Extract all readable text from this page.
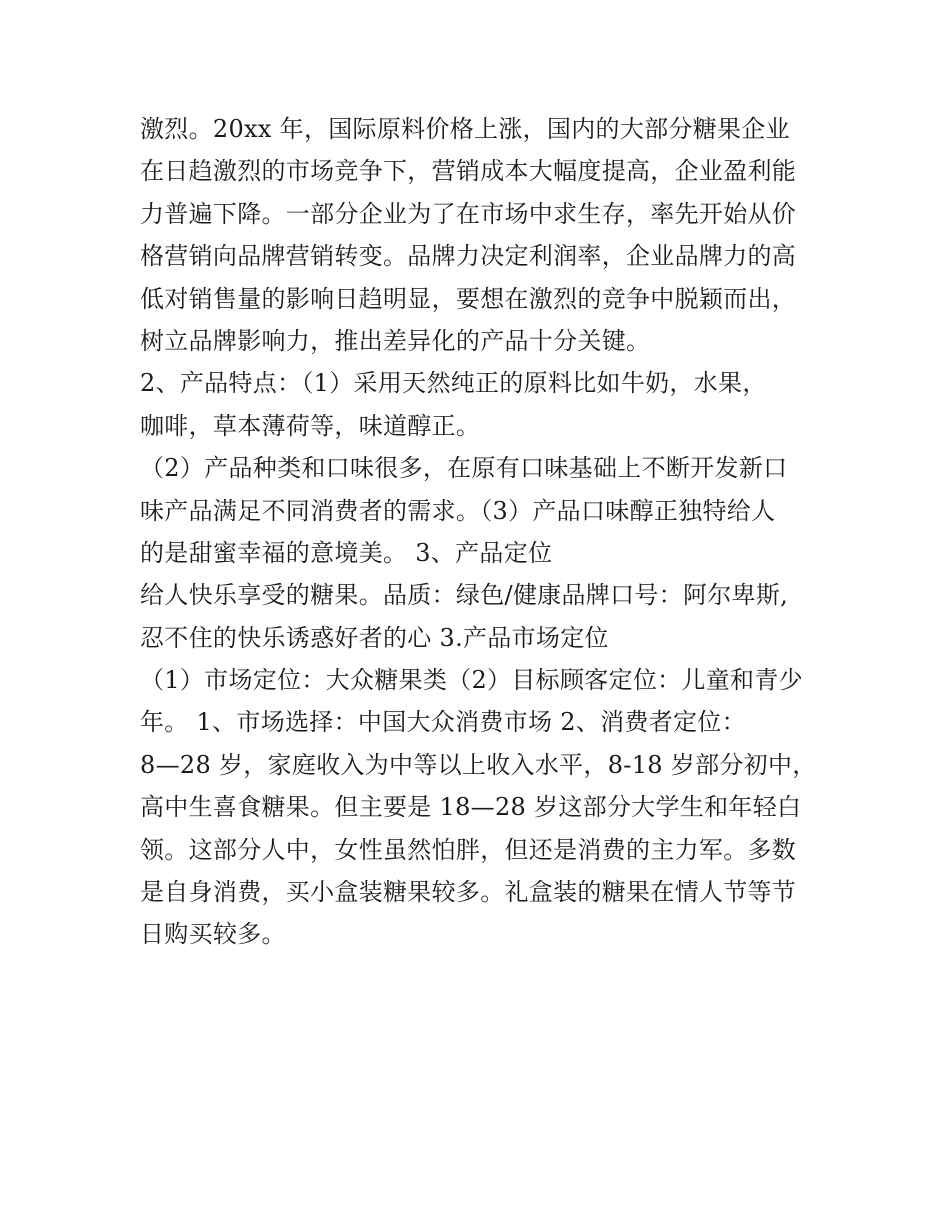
激烈。20xx 年，国际原料价格上涨，国内的大部分糖果企业
在日趋激烈的市场竞争下，营销成本大幅度提高，企业盈利能
力普遍下降。一部分企业为了在市场中求生存，率先开始从价
格营销向品牌营销转变。品牌力决定利润率，企业品牌力的高
低对销售量的影响日趋明显，要想在激烈的竞争中脱颖而出，
树立品牌影响力，推出差异化的产品十分关键。
2、产品特点：（1）采用天然纯正的原料比如牛奶，水果，
咖啡，草本薄荷等，味道醇正。
（2）产品种类和口味很多，在原有口味基础上不断开发新口
味产品满足不同消费者的需求。（3）产品口味醇正独特给人
的是甜蜜幸福的意境美。 3、产品定位
给人快乐享受的糖果。品质：绿色/健康品牌口号：阿尔卑斯,
忍不住的快乐诱惑好者的心 3.产品市场定位
（1）市场定位：大众糖果类（2）目标顾客定位：儿童和青少
年。 1、市场选择：中国大众消费市场 2、消费者定位：
8—28 岁，家庭收入为中等以上收入水平，8-18 岁部分初中，
高中生喜食糖果。但主要是 18—28 岁这部分大学生和年轻白
领。这部分人中，女性虽然怕胖，但还是消费的主力军。多数
是自身消费，买小盒装糖果较多。礼盒装的糖果在情人节等节
日购买较多。
